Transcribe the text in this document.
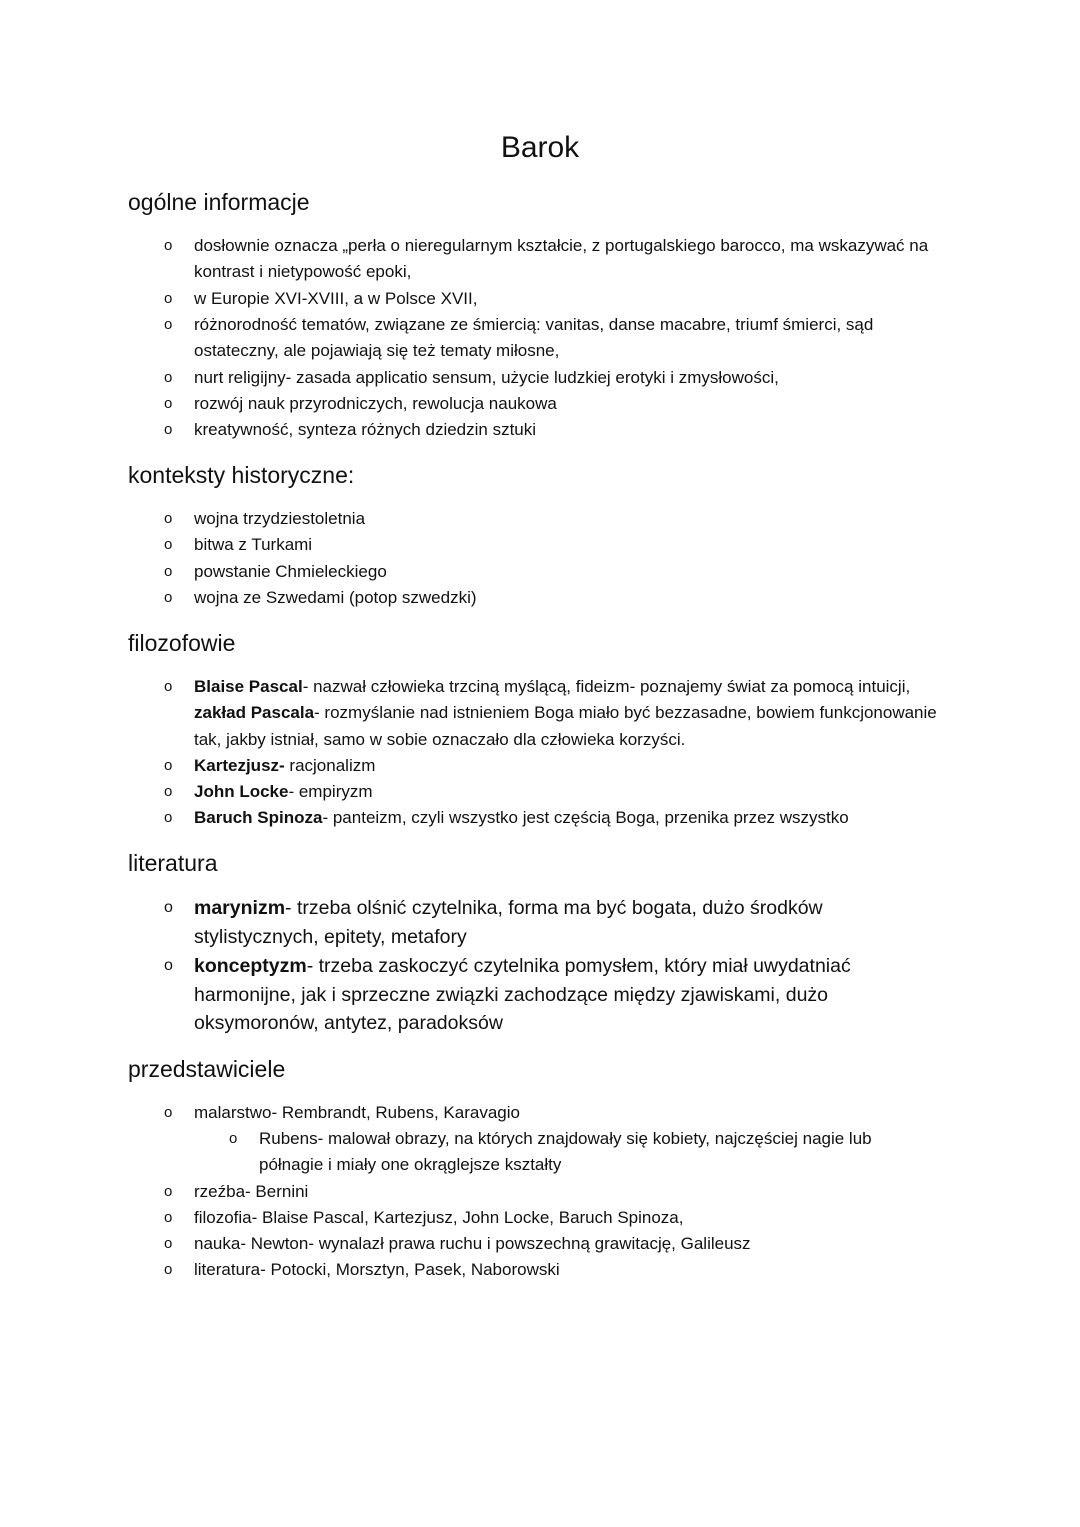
Barok
ogólne informacje
o dosłownie oznacza „perła o nieregularnym kształcie, z portugalskiego barocco, ma wskazywać na kontrast i nietypowość epoki,
o w Europie XVI-XVIII, a w Polsce XVII,
o różnorodność tematów, związane ze śmiercią: vanitas, danse macabre, triumf śmierci, sąd ostateczny, ale pojawiają się też tematy miłosne,
o nurt religijny- zasada applicatio sensum, użycie ludzkiej erotyki i zmysłowości,
o rozwój nauk przyrodniczych, rewolucja naukowa
o kreatywność, synteza różnych dziedzin sztuki
konteksty historyczne:
o wojna trzydziestoletnia
o bitwa z Turkami
o powstanie Chmieleckiego
o wojna ze Szwedami (potop szwedzki)
filozofowie
o Blaise Pascal- nazwał człowieka trzciną myślącą, fideizm- poznajemy świat za pomocą intuicji, zakład Pascala- rozmyślanie nad istnieniem Boga miało być bezzasadne, bowiem funkcjonowanie tak, jakby istniał, samo w sobie oznaczało dla człowieka korzyści.
o Kartezjusz- racjonalizm
o John Locke- empiryzm
o Baruch Spinoza- panteizm, czyli wszystko jest częścią Boga, przenika przez wszystko
literatura
o marynizm- trzeba olśnić czytelnika, forma ma być bogata, dużo środków stylistycznych, epitety, metafory
o konceptyzm- trzeba zaskoczyć czytelnika pomysłem, który miał uwydatniać harmonijne, jak i sprzeczne związki zachodzące między zjawiskami, dużo oksymoronów, antytez, paradoksów
przedstawiciele
o malarstwo- Rembrandt, Rubens, Karavagio
o Rubens- malował obrazy, na których znajdowały się kobiety, najczęściej nagie lub półnagie i miały one okrąglejsze kształty
o rzeźba- Bernini
o filozofia- Blaise Pascal, Kartezjusz, John Locke, Baruch Spinoza,
o nauka- Newton- wynalazł prawa ruchu i powszechną grawitację, Galileusz
o literatura- Potocki, Morsztyn, Pasek, Naborowski
